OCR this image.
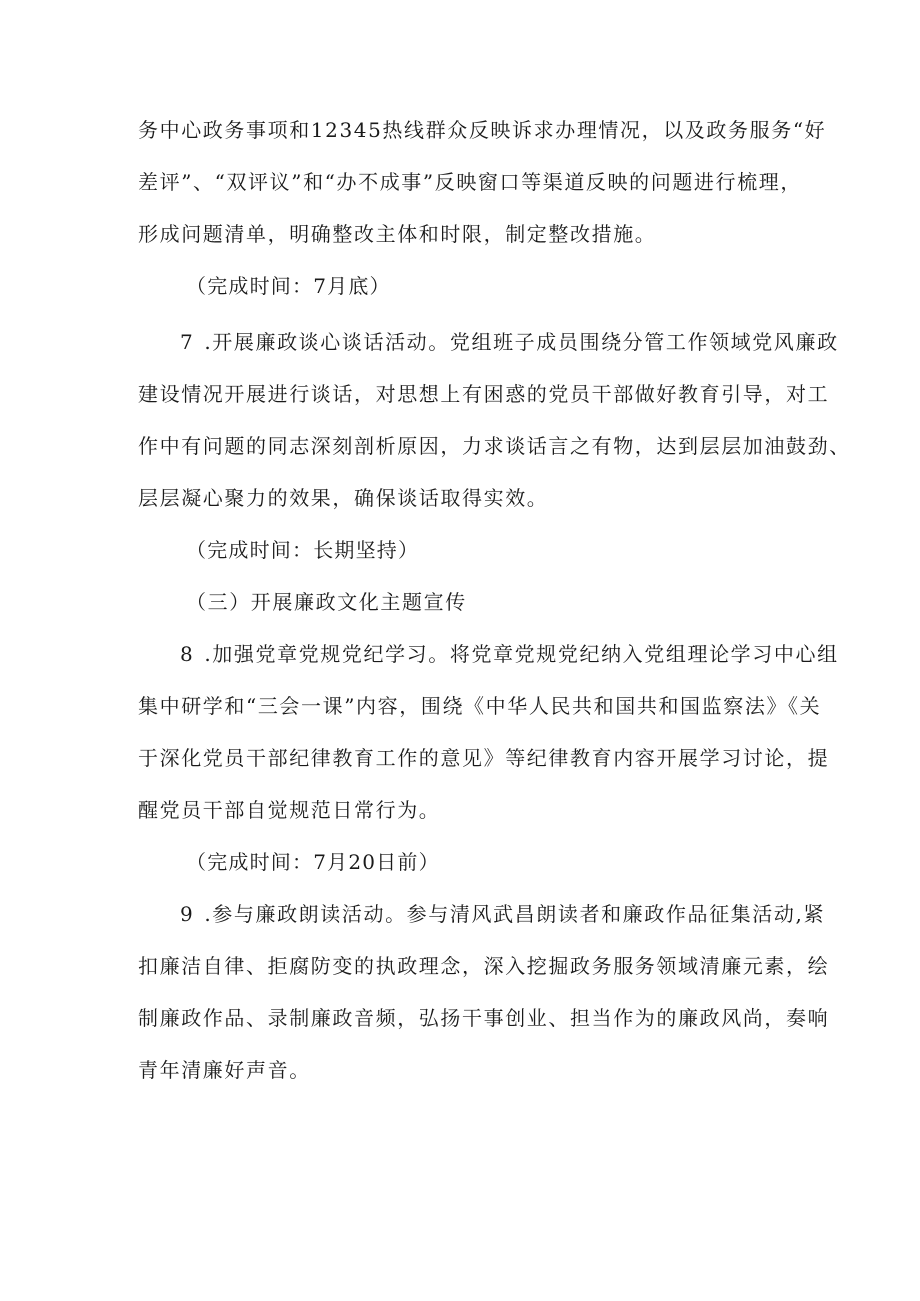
务中心政务事项和12345热线群众反映诉求办理情况，以及政务服务“好
差评”、“双评议”和“办不成事”反映窗口等渠道反映的问题进行梳理，
形成问题清单，明确整改主体和时限，制定整改措施。

（完成时间：7月底）

7 .开展廉政谈心谈话活动。党组班子成员围绕分管工作领域党风廉政
建设情况开展进行谈话，对思想上有困惑的党员干部做好教育引导，对工
作中有问题的同志深刻剖析原因，力求谈话言之有物，达到层层加油鼓劲、
层层凝心聚力的效果，确保谈话取得实效。

（完成时间：长期坚持）

（三）开展廉政文化主题宣传

8 .加强党章党规党纪学习。将党章党规党纪纳入党组理论学习中心组
集中研学和“三会一课”内容，围绕《中华人民共和国共和国监察法》《关
于深化党员干部纪律教育工作的意见》等纪律教育内容开展学习讨论，提
醒党员干部自觉规范日常行为。

（完成时间：7月20日前）

9 .参与廉政朗读活动。参与清风武昌朗读者和廉政作品征集活动,紧
扣廉洁自律、拒腐防变的执政理念，深入挖掘政务服务领域清廉元素，绘
制廉政作品、录制廉政音频，弘扬干事创业、担当作为的廉政风尚，奏响
青年清廉好声音。
